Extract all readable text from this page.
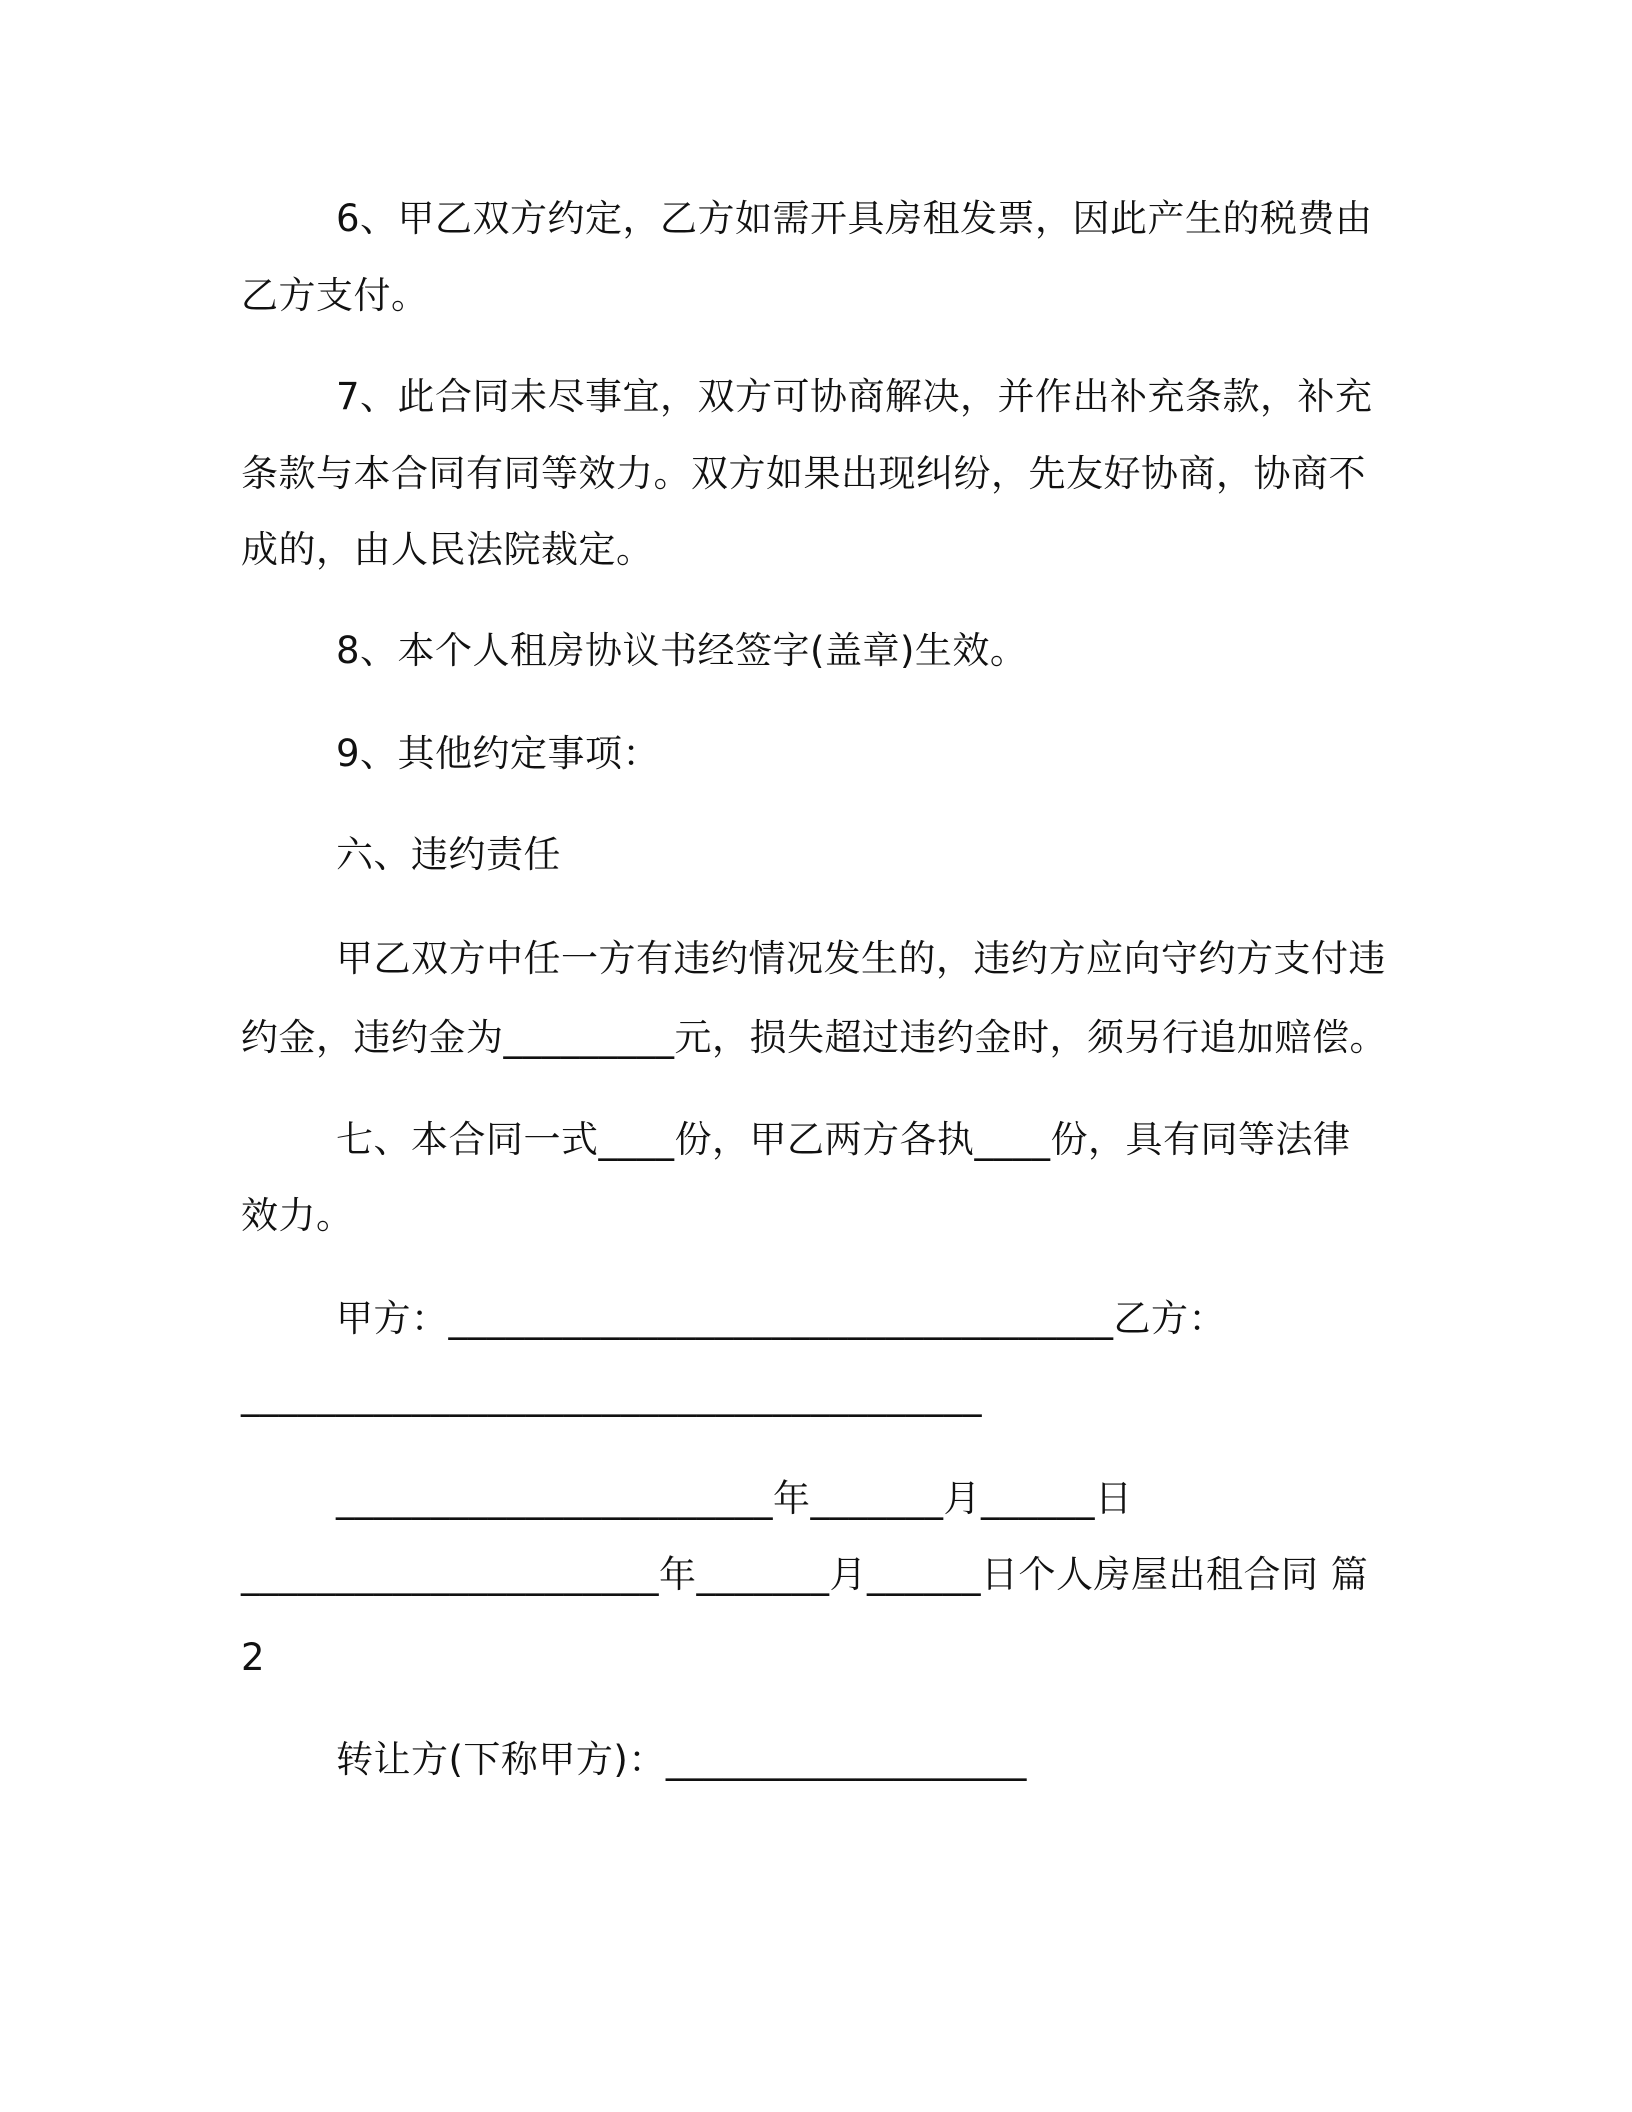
6、甲乙双方约定，乙方如需开具房租发票，因此产生的税费由
乙方支付。
7、此合同未尽事宜，双方可协商解决，并作出补充条款，补充
条款与本合同有同等效力。双方如果出现纠纷，先友好协商，协商不
成的，由人民法院裁定。
8、本个人租房协议书经签字(盖章)生效。
9、其他约定事项：
六、违约责任
甲乙双方中任一方有违约情况发生的，违约方应向守约方支付违
约金，违约金为_________元，损失超过违约金时，须另行追加赔偿。
七、本合同一式____份，甲乙两方各执____份，具有同等法律
效力。
甲方：___________________________________乙方：
_______________________________________
_______________________年_______月______日
______________________年_______月______日个人房屋出租合同 篇
2
转让方(下称甲方)：___________________
